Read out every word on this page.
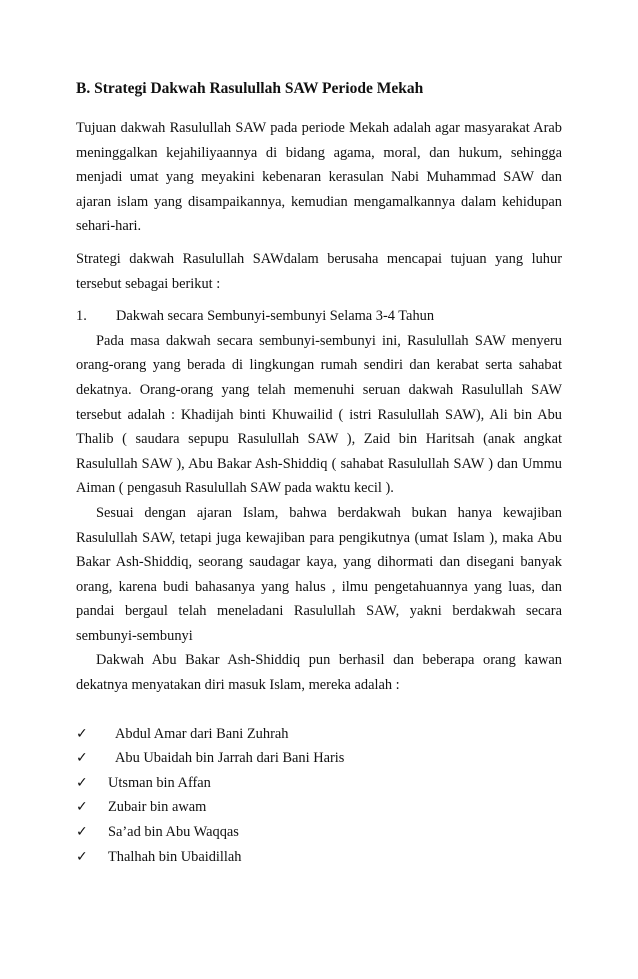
B. Strategi Dakwah Rasulullah SAW Periode Mekah

Tujuan dakwah Rasulullah SAW pada periode Mekah adalah agar masyarakat Arab meninggalkan kejahiliyaannya di bidang agama, moral, dan hukum, sehingga menjadi umat yang meyakini kebenaran kerasulan Nabi Muhammad SAW dan ajaran islam yang disampaikannya, kemudian mengamalkannya dalam kehidupan sehari-hari.

Strategi dakwah Rasulullah SAWdalam berusaha mencapai tujuan yang luhur tersebut sebagai berikut :

1.	Dakwah secara Sembunyi-sembunyi Selama 3-4 Tahun

Pada masa dakwah secara sembunyi-sembunyi ini, Rasulullah SAW menyeru orang-orang yang berada di lingkungan rumah sendiri dan kerabat serta sahabat dekatnya. Orang-orang yang telah memenuhi seruan dakwah Rasulullah SAW tersebut adalah : Khadijah binti Khuwailid ( istri Rasulullah SAW), Ali bin Abu Thalib ( saudara sepupu Rasulullah SAW ), Zaid bin Haritsah (anak angkat Rasulullah SAW ), Abu Bakar Ash-Shiddiq ( sahabat Rasulullah SAW ) dan Ummu Aiman ( pengasuh Rasulullah SAW pada waktu kecil ).

Sesuai dengan ajaran Islam, bahwa berdakwah bukan hanya kewajiban Rasulullah SAW, tetapi juga kewajiban para pengikutnya (umat Islam ), maka Abu Bakar Ash-Shiddiq, seorang saudagar kaya, yang dihormati dan disegani banyak orang, karena budi bahasanya yang halus , ilmu pengetahuannya yang luas, dan pandai bergaul telah meneladani Rasulullah SAW, yakni berdakwah secara sembunyi-sembunyi

Dakwah Abu Bakar Ash-Shiddiq pun berhasil dan beberapa orang kawan dekatnya menyatakan diri masuk Islam, mereka adalah :

✓	Abdul Amar dari Bani Zuhrah
✓	Abu Ubaidah bin Jarrah dari Bani Haris
✓	Utsman bin Affan
✓	Zubair bin awam
✓	Sa’ad bin Abu Waqqas
✓	Thalhah bin Ubaidillah
